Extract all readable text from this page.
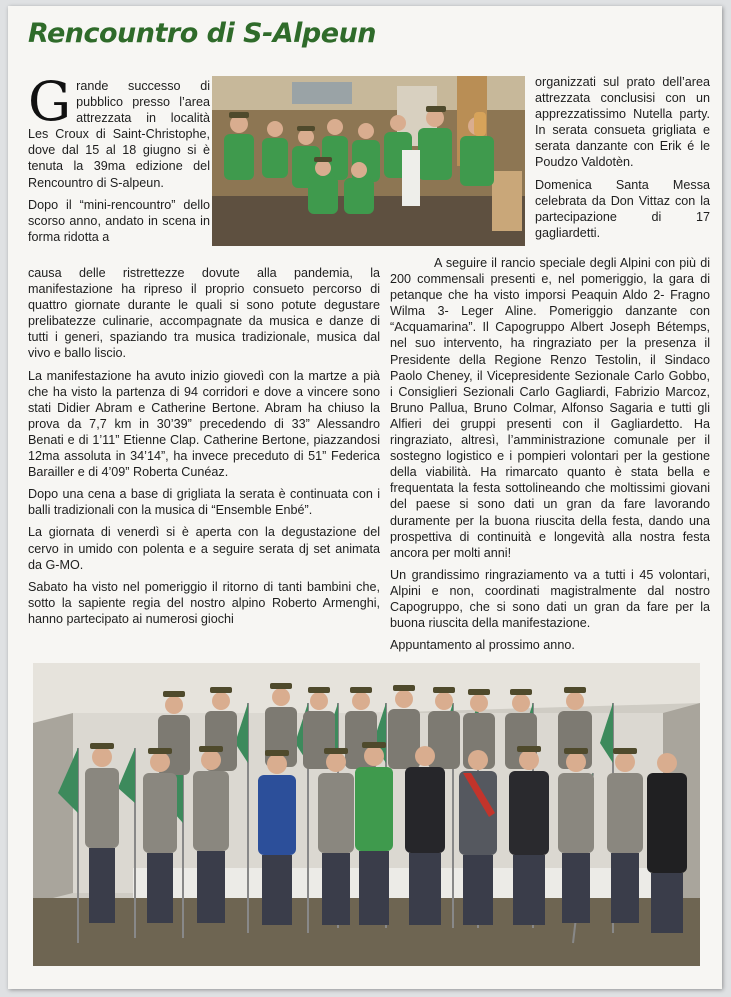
Rencountro di S-Alpeun

Grande successo di pubblico presso l’area attrezzata in località Les Croux di Saint-Christophe, dove dal 15 al 18 giugno si è tenuta la 39ma edizione del Rencountro di S-alpeun.

Dopo il “mini-rencountro” dello scorso anno, andato in scena in forma ridotta a

causa delle ristrettezze dovute alla pandemia, la manifestazione ha ripreso il proprio consueto percorso di quattro giornate durante le quali si sono potute degustare prelibatezze culinarie, accompagnate da musica e danze di tutti i generi, spaziando tra musica tradizionale, musica dal vivo e ballo liscio.

La manifestazione ha avuto inizio giovedì con la martze a pià che ha visto la partenza di 94 corridori e dove a vincere sono stati Didier Abram e Catherine Bertone. Abram ha chiuso la prova da 7,7 km in 30’39” precedendo di 33” Alessandro Benati e di 1’11” Etienne Clap. Catherine Bertone, piazzandosi 12ma assoluta in 34’14”, ha invece preceduto di 51” Federica Barailler e di 4’09” Roberta Cunéaz.

Dopo una cena a base di grigliata la serata è continuata con i balli tradizionali con la musica di “Ensemble Enbé”.

La giornata di venerdì si è aperta con la degustazione del cervo in umido con polenta e a seguire serata dj set animata da G-MO.

Sabato ha visto nel pomeriggio il ritorno di tanti bambini che, sotto la sapiente regia del nostro alpino Roberto Armenghi, hanno partecipato ai numerosi giochi

organizzati sul prato dell’area attrezzata conclusisi con un apprezzatissimo Nutella party. In serata consueta grigliata e serata danzante con Erik é le Poudzo Valdotèn.

Domenica Santa Messa celebrata da Don Vittaz con la partecipazione di 17 gagliardetti.

A seguire il rancio speciale degli Alpini con più di 200 commensali presenti e, nel pomeriggio, la gara di petanque che ha visto imporsi Peaquin Aldo 2- Fragno Wilma 3- Leger Aline. Pomeriggio danzante con “Acquamarina”. Il Capogruppo Albert Joseph Bétemps, nel suo intervento, ha ringraziato per la presenza il Presidente della Regione Renzo Testolin, il Sindaco Paolo Cheney, il Vicepresidente Sezionale Carlo Gobbo, i Consiglieri Sezionali Carlo Gagliardi, Fabrizio Marcoz, Bruno Pallua, Bruno Colmar, Alfonso Sagaria e tutti gli Alfieri dei gruppi presenti con il Gagliardetto. Ha ringraziato, altresì, l’amministrazione comunale per il sostegno logistico e i pompieri volontari per la gestione della viabilità. Ha rimarcato quanto è stata bella e frequentata la festa sottolineando che moltissimi giovani del paese si sono dati un gran da fare lavorando duramente per la buona riuscita della festa, dando una prospettiva di continuità e longevità alla nostra festa ancora per molti anni!

Un grandissimo ringraziamento va a tutti i 45 volontari, Alpini e non, coordinati magistralmente dal nostro Capogruppo, che si sono dati un gran da fare per la buona riuscita della manifestazione.

Appuntamento al prossimo anno.
